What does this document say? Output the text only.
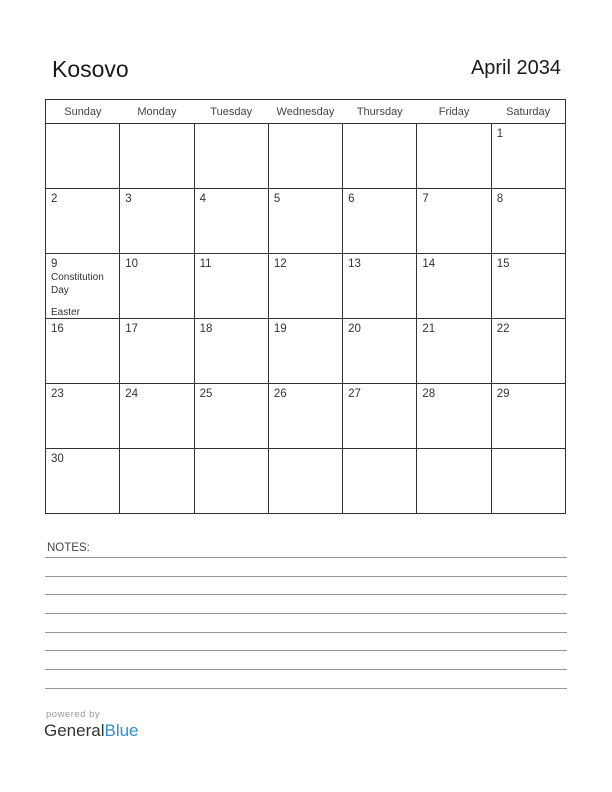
Kosovo	April 2034
Sunday	Monday	Tuesday	Wednesday	Thursday	Friday	Saturday

						1

2	3	4	5	6	7	8

9
Constitution Day
Easter	10	11	12	13	14	15

16	17	18	19	20	21	22

23	24	25	26	27	28	29

30						

NOTES:
powered by
GeneralBlue
